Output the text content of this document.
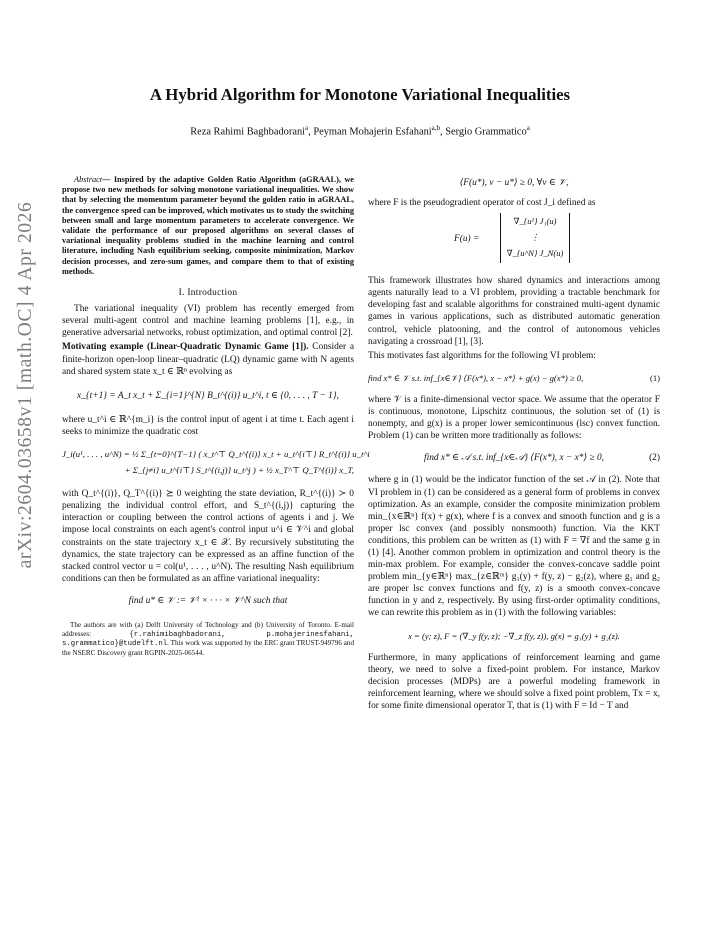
arXiv:2604.03658v1 [math.OC] 4 Apr 2026
A Hybrid Algorithm for Monotone Variational Inequalities
Reza Rahimi Baghbadorani$^a$, Peyman Mohajerin Esfahani$^{a,b}$, Sergio Grammatico$^a$

Abstract— Inspired by the adaptive Golden Ratio Algorithm (aGRAAL), we propose two new methods for solving monotone variational inequalities. We show that by selecting the momentum parameter beyond the golden ratio in aGRAAL, the convergence speed can be improved, which motivates us to study the switching between small and large momentum parameters to accelerate convergence. We validate the performance of our proposed algorithms on several classes of variational inequality problems studied in the machine learning and control literature, including Nash equilibrium seeking, composite minimization, Markov decision processes, and zero-sum games, and compare them to that of existing methods.

I. Introduction

The variational inequality (VI) problem has recently emerged from several multi-agent control and machine learning problems [1], e.g., in generative adversarial networks, robust optimization, and optimal control [2].

Motivating example (Linear-Quadratic Dynamic Game [1]). Consider a finite-horizon open-loop linear–quadratic (LQ) dynamic game with N agents and shared system state x_t ∈ ℝⁿ evolving as

x_{t+1} = A_t x_t + Σ_{i=1}^{N} B_t^{(i)} u_t^i, t ∈ {0, . . . , T − 1},

where u_t^i ∈ ℝ^{m_i} is the control input of agent i at time t. Each agent i seeks to minimize the quadratic cost

J_i(u¹, . . . , u^N) = ½ Σ_{t=0}^{T−1} ( x_t^⊤ Q_t^{(i)} x_t + u_t^{i⊤} R_t^{(i)} u_t^i
+ Σ_{j≠i} u_t^{i⊤} S_t^{(i,j)} u_t^j ) + ½ x_T^⊤ Q_T^{(i)} x_T,

with Q_t^{(i)}, Q_T^{(i)} ⪰ 0 weighting the state deviation, R_t^{(i)} ≻ 0 penalizing the individual control effort, and S_t^{(i,j)} capturing the interaction or coupling between the control actions of agents i and j. We impose local constraints on each agent's control input u^i ∈ 𝒱^i and global constraints on the state trajectory x_t ∈ 𝒳. By recursively substituting the dynamics, the state trajectory can be expressed as an affine function of the stacked control vector u = col(u¹, . . . , u^N). The resulting Nash equilibrium conditions can then be formulated as an affine variational inequality:

find u* ∈ 𝒱 := 𝒱¹ × · · · × 𝒱^N such that

The authors are with (a) Delft University of Technology and (b) University of Toronto. E-mail addresses: {r.rahimibaghbadorani, p.mohajerinesfahani, s.grammatico}@tudelft.nl. This work was supported by the ERC grant TRUST-949796 and the NSERC Discovery grant RGPIN-2025-06544.

⟨F(u*), v − u*⟩ ≥ 0, ∀v ∈ 𝒱,

where F is the pseudogradient operator of cost J_i defined as

F(u) =
∇_{u¹} J₁(u)
⋮
∇_{u^N} J_N(u)

This framework illustrates how shared dynamics and interactions among agents naturally lead to a VI problem, providing a tractable benchmark for developing fast and scalable algorithms for constrained multi-agent dynamic games in various applications, such as distributed automatic generation control, vehicle platooning, and the control of autonomous vehicles navigating a crossroad [1], [3].

This motivates fast algorithms for the following VI problem:

find x* ∈ 𝒱 s.t. inf_{x∈𝒱} ⟨F(x*), x − x*⟩ + g(x) − g(x*) ≥ 0,	(1)

where 𝒱 is a finite-dimensional vector space. We assume that the operator F is continuous, monotone, Lipschitz continuous, the solution set of (1) is nonempty, and g(x) is a proper lower semicontinuous (lsc) convex function. Problem (1) can be written more traditionally as follows:

find x* ∈ 𝒜 s.t. inf_{x∈𝒜} ⟨F(x*), x − x*⟩ ≥ 0,	(2)

where g in (1) would be the indicator function of the set 𝒜 in (2). Note that VI problem in (1) can be considered as a general form of problems in convex optimization. As an example, consider the composite minimization problem min_{x∈ℝⁿ} f(x) + g(x), where f is a convex and smooth function and g is a proper lsc convex (and possibly nonsmooth) function. Via the KKT conditions, this problem can be written as (1) with F = ∇f and the same g in (1) [4]. Another common problem in optimization and control theory is the min-max problem. For example, consider the convex-concave saddle point problem min_{y∈ℝⁿ} max_{z∈ℝᵐ} g₁(y) + f(y, z) − g₂(z), where g₁ and g₂ are proper lsc convex functions and f(y, z) is a smooth convex-concave function in y and z, respectively. By using first-order optimality conditions, we can rewrite this problem as in (1) with the following variables:

x = (y; z), F = (∇_y f(y, z); −∇_z f(y, z)), g(x) = g₁(y) + g₂(z).

Furthermore, in many applications of reinforcement learning and game theory, we need to solve a fixed-point problem. For instance, Markov decision processes (MDPs) are a powerful modeling framework in reinforcement learning, where we should solve a fixed point problem, Tx = x, for some finite dimensional operator T, that is (1) with F = Id − T and
